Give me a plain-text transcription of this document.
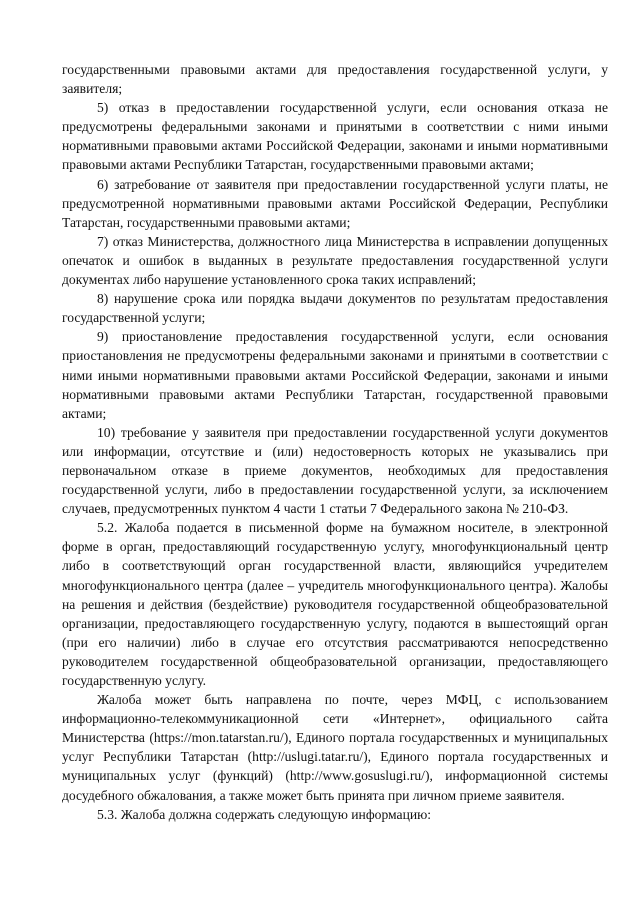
государственными правовыми актами для предоставления государственной услуги, у заявителя;

5) отказ в предоставлении государственной услуги, если основания отказа не предусмотрены федеральными законами и принятыми в соответствии с ними иными нормативными правовыми актами Российской Федерации, законами и иными нормативными правовыми актами Республики Татарстан, государственными правовыми актами;

6) затребование от заявителя при предоставлении государственной услуги платы, не предусмотренной нормативными правовыми актами Российской Федерации, Республики Татарстан, государственными правовыми актами;

7) отказ Министерства, должностного лица Министерства в исправлении допущенных опечаток и ошибок в выданных в результате предоставления государственной услуги документах либо нарушение установленного срока таких исправлений;

8) нарушение срока или порядка выдачи документов по результатам предоставления государственной услуги;

9) приостановление предоставления государственной услуги, если основания приостановления не предусмотрены федеральными законами и принятыми в соответствии с ними иными нормативными правовыми актами Российской Федерации, законами и иными нормативными правовыми актами Республики Татарстан, государственной правовыми актами;

10) требование у заявителя при предоставлении государственной услуги документов или информации, отсутствие и (или) недостоверность которых не указывались при первоначальном отказе в приеме документов, необходимых для предоставления государственной услуги, либо в предоставлении государственной услуги, за исключением случаев, предусмотренных пунктом 4 части 1 статьи 7 Федерального закона № 210-ФЗ.

5.2. Жалоба подается в письменной форме на бумажном носителе, в электронной форме в орган, предоставляющий государственную услугу, многофункциональный центр либо в соответствующий орган государственной власти, являющийся учредителем многофункционального центра (далее – учредитель многофункционального центра). Жалобы на решения и действия (бездействие) руководителя государственной общеобразовательной организации, предоставляющего государственную услугу, подаются в вышестоящий орган (при его наличии) либо в случае его отсутствия рассматриваются непосредственно руководителем государственной общеобразовательной организации, предоставляющего государственную услугу.

Жалоба может быть направлена по почте, через МФЦ, с использованием информационно-телекоммуникационной сети «Интернет», официального сайта Министерства (https://mon.tatarstan.ru/), Единого портала государственных и муниципальных услуг Республики Татарстан (http://uslugi.tatar.ru/), Единого портала государственных и муниципальных услуг (функций) (http://www.gosuslugi.ru/), информационной системы досудебного обжалования, а также может быть принята при личном приеме заявителя.

5.3. Жалоба должна содержать следующую информацию:
